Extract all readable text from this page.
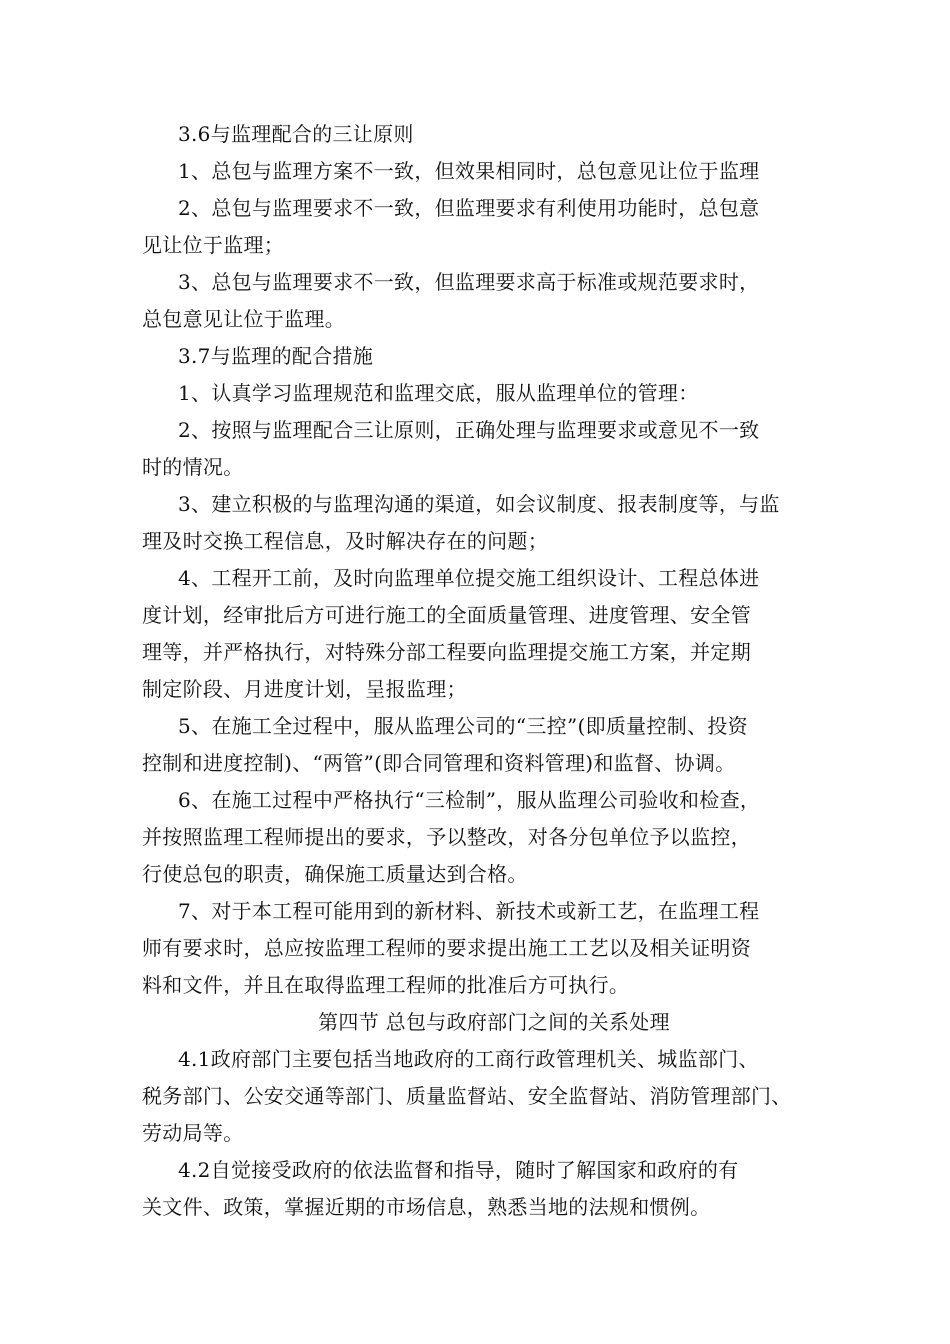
3.6与监理配合的三让原则
1、总包与监理方案不一致，但效果相同时，总包意见让位于监理
2、总包与监理要求不一致，但监理要求有利使用功能时，总包意
见让位于监理；
3、总包与监理要求不一致，但监理要求高于标准或规范要求时，
总包意见让位于监理。
3.7与监理的配合措施
1、认真学习监理规范和监理交底，服从监理单位的管理：
2、按照与监理配合三让原则，正确处理与监理要求或意见不一致
时的情况。
3、建立积极的与监理沟通的渠道，如会议制度、报表制度等，与监
理及时交换工程信息，及时解决存在的问题；
4、工程开工前，及时向监理单位提交施工组织设计、工程总体进
度计划，经审批后方可进行施工的全面质量管理、进度管理、安全管
理等，并严格执行，对特殊分部工程要向监理提交施工方案，并定期
制定阶段、月进度计划，呈报监理；
5、在施工全过程中，服从监理公司的“三控”(即质量控制、投资
控制和进度控制)、“两管”(即合同管理和资料管理)和监督、协调。
6、在施工过程中严格执行“三检制”，服从监理公司验收和检查，
并按照监理工程师提出的要求，予以整改，对各分包单位予以监控，
行使总包的职责，确保施工质量达到合格。
7、对于本工程可能用到的新材料、新技术或新工艺，在监理工程
师有要求时，总应按监理工程师的要求提出施工工艺以及相关证明资
料和文件，并且在取得监理工程师的批准后方可执行。
第四节 总包与政府部门之间的关系处理
4.1政府部门主要包括当地政府的工商行政管理机关、城监部门、
税务部门、公安交通等部门、质量监督站、安全监督站、消防管理部门、
劳动局等。
4.2自觉接受政府的依法监督和指导，随时了解国家和政府的有
关文件、政策，掌握近期的市场信息，熟悉当地的法规和惯例。
